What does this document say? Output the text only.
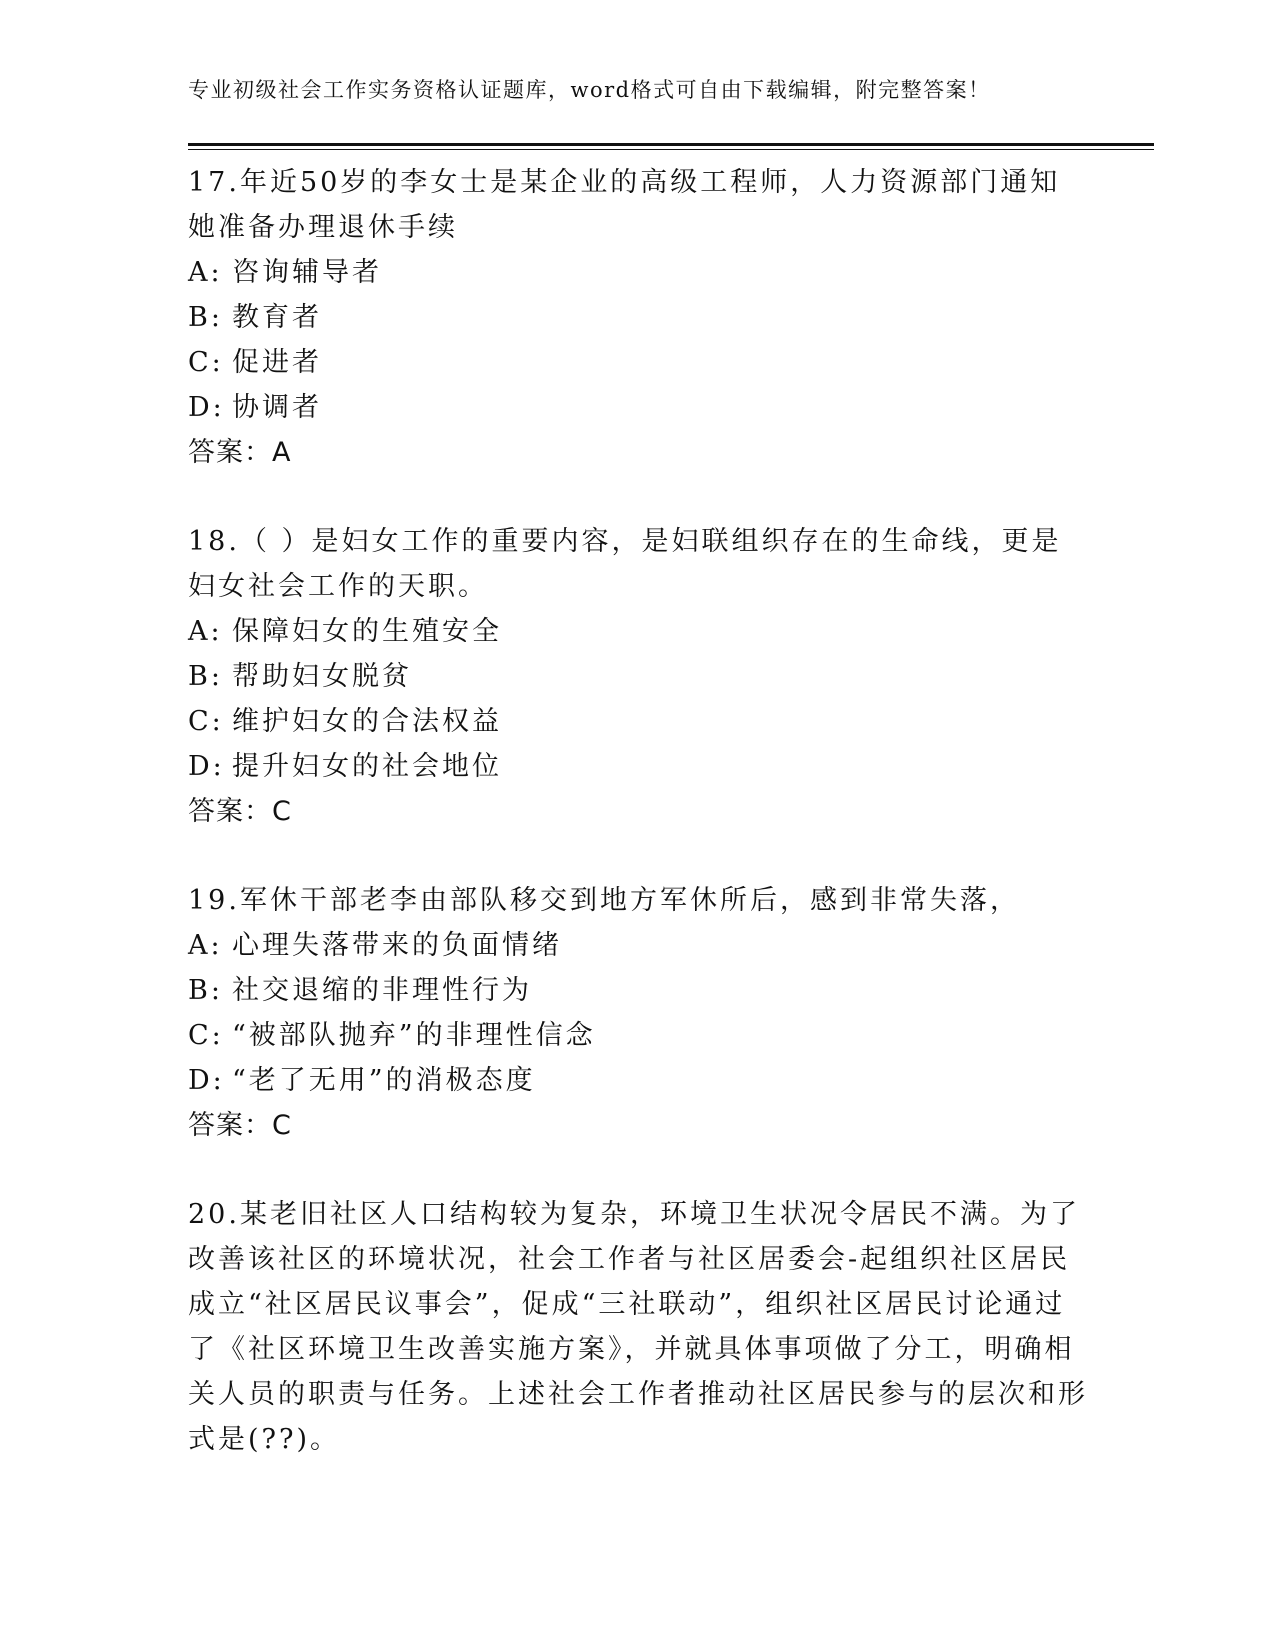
专业初级社会工作实务资格认证题库，word格式可自由下载编辑，附完整答案！
17.年近50岁的李女士是某企业的高级工程师，人力资源部门通知她准备办理退休手续
A: 咨询辅导者
B: 教育者
C: 促进者
D: 协调者
答案：A
18.（ ）是妇女工作的重要内容，是妇联组织存在的生命线，更是妇女社会工作的天职。
A: 保障妇女的生殖安全
B: 帮助妇女脱贫
C: 维护妇女的合法权益
D: 提升妇女的社会地位
答案：C
19.军休干部老李由部队移交到地方军休所后，感到非常失落，
A: 心理失落带来的负面情绪
B: 社交退缩的非理性行为
C: “被部队抛弃”的非理性信念
D: “老了无用”的消极态度
答案：C
20.某老旧社区人口结构较为复杂，环境卫生状况令居民不满。为了改善该社区的环境状况，社会工作者与社区居委会-起组织社区居民成立“社区居民议事会”，促成“三社联动”，组织社区居民讨论通过了《社区环境卫生改善实施方案》，并就具体事项做了分工，明确相关人员的职责与任务。上述社会工作者推动社区居民参与的层次和形式是(??)。
